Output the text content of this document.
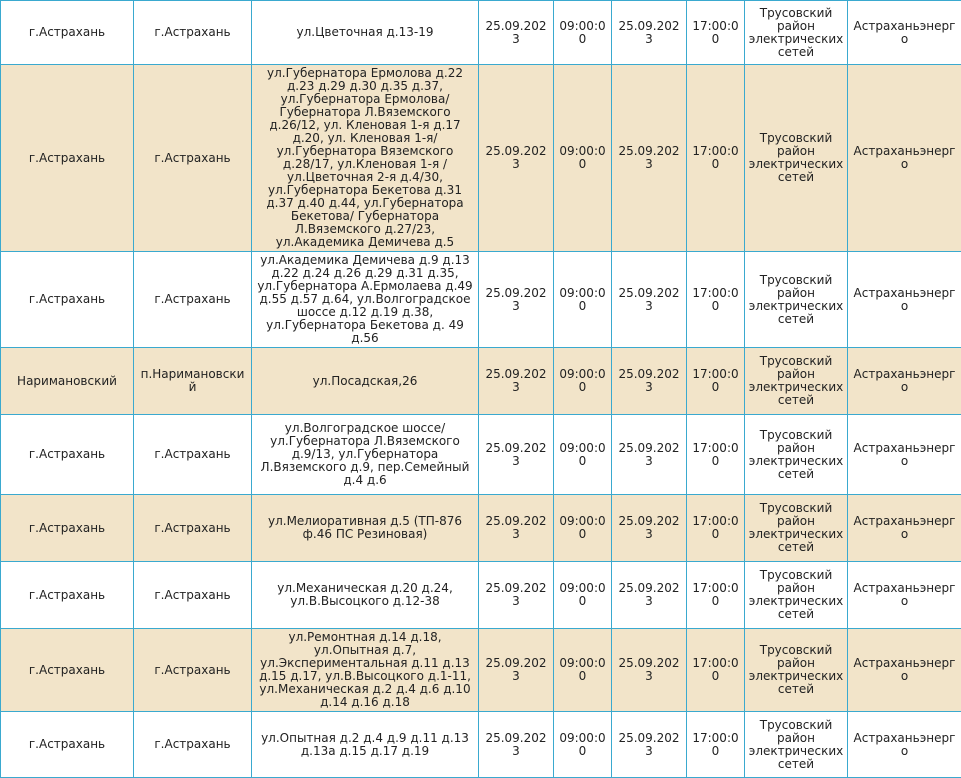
г.Астрахань	г.Астрахань	ул.Цветочная д.13-19	25.09.2023	09:00:00	25.09.2023	17:00:00	Трусовский район электрических сетей	Астраханьэнерго
г.Астрахань	г.Астрахань	ул.Губернатора Ермолова д.22 д.23 д.29 д.30 д.35 д.37, ул.Губернатора Ермолова/ Губернатора Л.Вяземского д.26/12, ул. Кленовая 1-я д.17 д.20, ул. Кленовая 1-я/ ул.Губернатора Вяземского д.28/17, ул.Кленовая 1-я /ул.Цветочная 2-я д.4/30, ул.Губернатора Бекетова д.31 д.37 д.40 д.44, ул.Губернатора Бекетова/ Губернатора Л.Вяземского д.27/23, ул.Академика Демичева д.5	25.09.2023	09:00:00	25.09.2023	17:00:00	Трусовский район электрических сетей	Астраханьэнерго
г.Астрахань	г.Астрахань	ул.Академика Демичева д.9 д.13 д.22 д.24 д.26 д.29 д.31 д.35, ул.Губернатора А.Ермолаева д.49 д.55 д.57 д.64, ул.Волгоградское шоссе д.12 д.19 д.38, ул.Губернатора Бекетова д. 49 д.56	25.09.2023	09:00:00	25.09.2023	17:00:00	Трусовский район электрических сетей	Астраханьэнерго
Наримановский	п.Наримановский	ул.Посадская,26	25.09.2023	09:00:00	25.09.2023	17:00:00	Трусовский район электрических сетей	Астраханьэнерго
г.Астрахань	г.Астрахань	ул.Волгоградское шоссе/ ул.Губернатора Л.Вяземского д.9/13, ул.Губернатора Л.Вяземского д.9, пер.Семейный д.4 д.6	25.09.2023	09:00:00	25.09.2023	17:00:00	Трусовский район электрических сетей	Астраханьэнерго
г.Астрахань	г.Астрахань	ул.Мелиоративная д.5 (ТП-876 ф.46 ПС Резиновая)	25.09.2023	09:00:00	25.09.2023	17:00:00	Трусовский район электрических сетей	Астраханьэнерго
г.Астрахань	г.Астрахань	ул.Механическая д.20 д.24, ул.В.Высоцкого д.12-38	25.09.2023	09:00:00	25.09.2023	17:00:00	Трусовский район электрических сетей	Астраханьэнерго
г.Астрахань	г.Астрахань	ул.Ремонтная д.14 д.18, ул.Опытная д.7, ул.Экспериментальная д.11 д.13 д.15 д.17, ул.В.Высоцкого д.1-11, ул.Механическая д.2 д.4 д.6 д.10 д.14 д.16 д.18	25.09.2023	09:00:00	25.09.2023	17:00:00	Трусовский район электрических сетей	Астраханьэнерго
г.Астрахань	г.Астрахань	ул.Опытная д.2 д.4 д.9 д.11 д.13 д.13а д.15 д.17 д.19	25.09.2023	09:00:00	25.09.2023	17:00:00	Трусовский район электрических сетей	Астраханьэнерго
